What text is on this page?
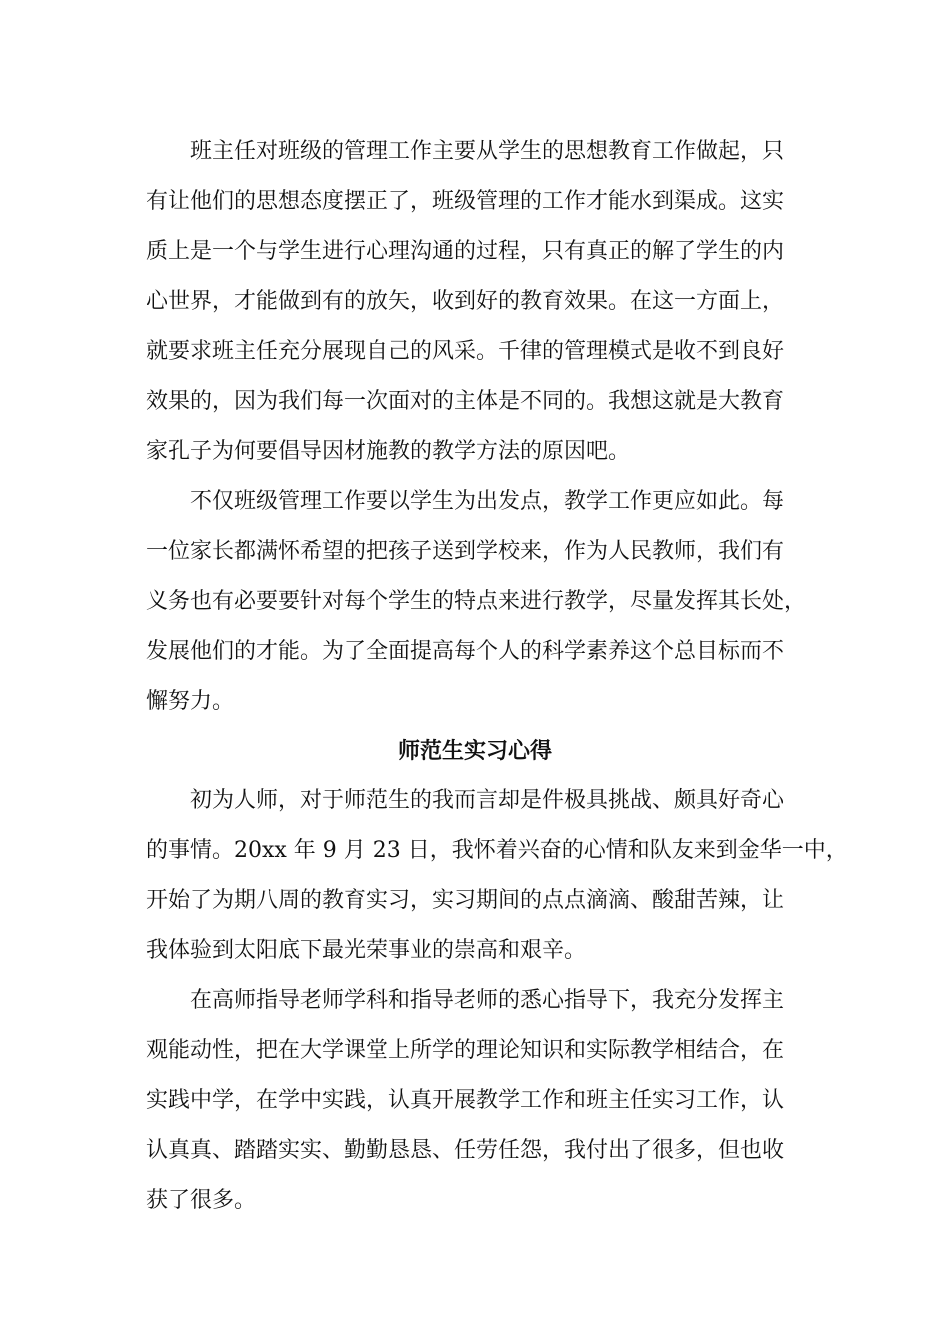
班主任对班级的管理工作主要从学生的思想教育工作做起，只
有让他们的思想态度摆正了，班级管理的工作才能水到渠成。这实
质上是一个与学生进行心理沟通的过程，只有真正的解了学生的内
心世界，才能做到有的放矢，收到好的教育效果。在这一方面上，
就要求班主任充分展现自己的风采。千律的管理模式是收不到良好
效果的，因为我们每一次面对的主体是不同的。我想这就是大教育
家孔子为何要倡导因材施教的教学方法的原因吧。
不仅班级管理工作要以学生为出发点，教学工作更应如此。每
一位家长都满怀希望的把孩子送到学校来，作为人民教师，我们有
义务也有必要要针对每个学生的特点来进行教学，尽量发挥其长处，
发展他们的才能。为了全面提高每个人的科学素养这个总目标而不
懈努力。
师范生实习心得
初为人师，对于师范生的我而言却是件极具挑战、颇具好奇心
的事情。20xx 年 9 月 23 日，我怀着兴奋的心情和队友来到金华一中，
开始了为期八周的教育实习，实习期间的点点滴滴、酸甜苦辣，让
我体验到太阳底下最光荣事业的崇高和艰辛。
在高师指导老师学科和指导老师的悉心指导下，我充分发挥主
观能动性，把在大学课堂上所学的理论知识和实际教学相结合，在
实践中学，在学中实践，认真开展教学工作和班主任实习工作，认
认真真、踏踏实实、勤勤恳恳、任劳任怨，我付出了很多，但也收
获了很多。
